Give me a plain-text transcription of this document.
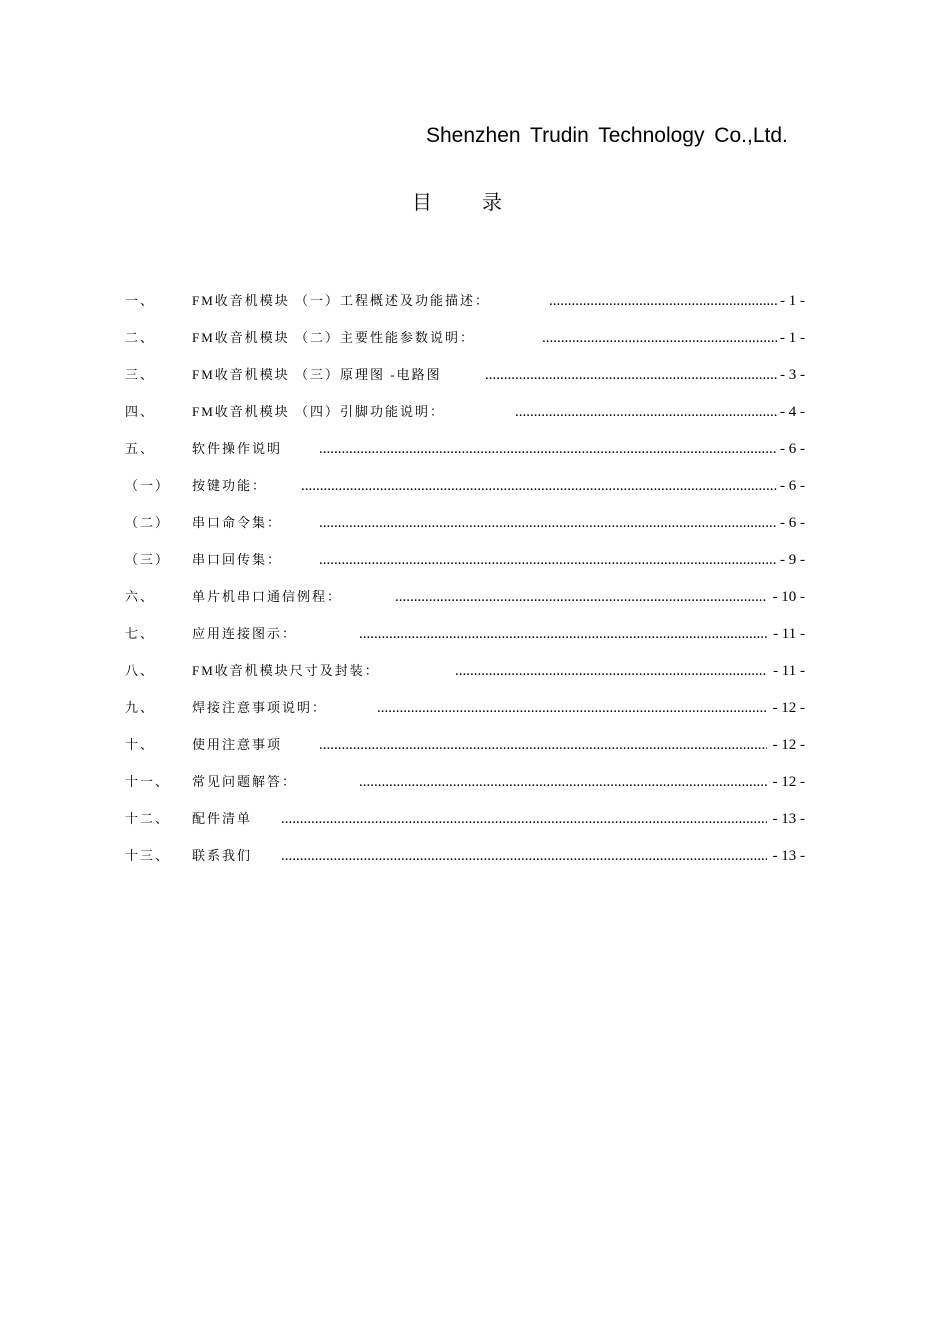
Shenzhen Trudin Technology Co.,Ltd.
目	录
一、	FM收音机模块 （一）工程概述及功能描述： .....	- 1 -
二、	FM收音机模块 （二）主要性能参数说明： .....	- 1 -
三、	FM收音机模块 （三）原理图 -电路图 .....	- 3 -
四、	FM收音机模块 （四）引脚功能说明： .....	- 4 -
五、	软件操作说明 .....	- 6 -
（一） 按键功能： .....	- 6 -
（二） 串口命令集： .....	- 6 -
（三） 串口回传集： .....	- 9 -
六、	单片机串口通信例程： .....	- 10 -
七、	应用连接图示： .....	- 11 -
八、	FM收音机模块尺寸及封装： .....	- 11 -
九、	焊接注意事项说明： .....	- 12 -
十、	使用注意事项 .....	- 12 -
十一、 常见问题解答： .....	- 12 -
十二、 配件清单 .....	- 13 -
十三、 联系我们 .....	- 13 -
